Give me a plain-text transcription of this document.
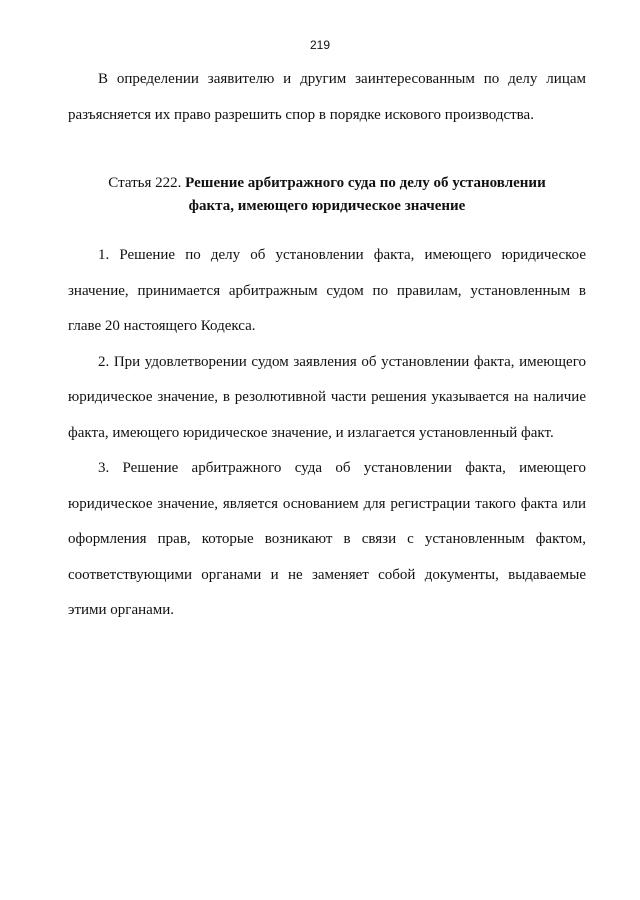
219

В определении заявителю и другим заинтересованным по делу лицам разъясняется их право разрешить спор в порядке искового производства.

Статья 222. Решение арбитражного суда по делу об установлении
факта, имеющего юридическое значение

1. Решение по делу об установлении факта, имеющего юридическое значение, принимается арбитражным судом по правилам, установленным в главе 20 настоящего Кодекса.

2. При удовлетворении судом заявления об установлении факта, имеющего юридическое значение, в резолютивной части решения указывается на наличие факта, имеющего юридическое значение, и излагается установленный факт.

3. Решение арбитражного суда об установлении факта, имеющего юридическое значение, является основанием для регистрации такого факта или оформления прав, которые возникают в связи с установленным фактом, соответствующими органами и не заменяет собой документы, выдаваемые этими органами.
